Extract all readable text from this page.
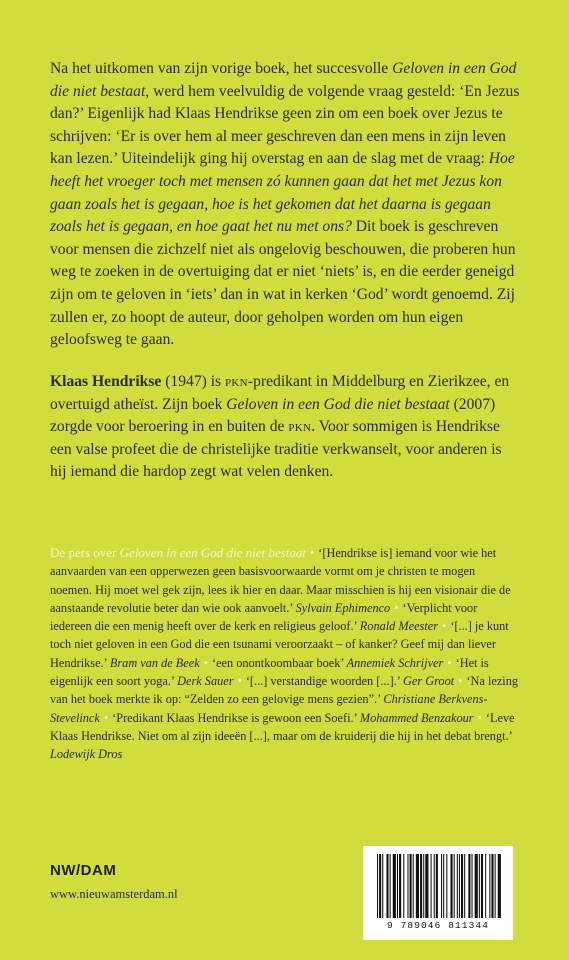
Na het uitkomen van zijn vorige boek, het succesvolle Geloven in een God die niet bestaat, werd hem veelvuldig de volgende vraag gesteld: ‘En Jezus dan?’ Eigenlijk had Klaas Hendrikse geen zin om een boek over Jezus te schrijven: ‘Er is over hem al meer geschreven dan een mens in zijn leven kan lezen.’ Uiteindelijk ging hij overstag en aan de slag met de vraag: Hoe heeft het vroeger toch met mensen zó kunnen gaan dat het met Jezus kon gaan zoals het is gegaan, hoe is het gekomen dat het daarna is gegaan zoals het is gegaan, en hoe gaat het nu met ons? Dit boek is geschreven voor mensen die zichzelf niet als ongelovig beschouwen, die proberen hun weg te zoeken in de overtuiging dat er niet ‘niets’ is, en die eerder geneigd zijn om te geloven in ‘iets’ dan in wat in kerken ‘God’ wordt genoemd. Zij zullen er, zo hoopt de auteur, door geholpen worden om hun eigen geloofsweg te gaan.

Klaas Hendrikse (1947) is pkn-predikant in Middelburg en Zierikzee, en overtuigd atheïst. Zijn boek Geloven in een God die niet bestaat (2007) zorgde voor beroering in en buiten de pkn. Voor sommigen is Hendrikse een valse profeet die de christelijke traditie verkwanselt, voor anderen is hij iemand die hardop zegt wat velen denken.

De pers over Geloven in een God die niet bestaat • ‘[Hendrikse is] iemand voor wie het aanvaarden van een opperwezen geen basisvoorwaarde vormt om je christen te mogen noemen. Hij moet wel gek zijn, lees ik hier en daar. Maar misschien is hij een visionair die de aanstaande revolutie beter dan wie ook aanvoelt.’ Sylvain Ephimenco • ‘Verplicht voor iedereen die een menig heeft over de kerk en religieus geloof.’ Ronald Meester • ‘[...] je kunt toch niet geloven in een God die een tsunami veroorzaakt – of kanker? Geef mij dan liever Hendrikse.’ Bram van de Beek • ‘een onontkoombaar boek’ Annemiek Schrijver • ‘Het is eigenlijk een soort yoga.’ Derk Sauer • ‘[...] verstandige woorden [...].’ Ger Groot • ‘Na lezing van het boek merkte ik op: “Zelden zo een gelovige mens gezien”.’ Christiane Berkvens-Stevelinck • ‘Predikant Klaas Hendrikse is gewoon een Soefi.’ Mohammed Benzakour • ‘Leve Klaas Hendrikse. Niet om al zijn ideeën [...], maar om de kruiderij die hij in het debat brengt.’ Lodewijk Dros

NW/DAM
www.nieuwamsterdam.nl
9 789046 811344
